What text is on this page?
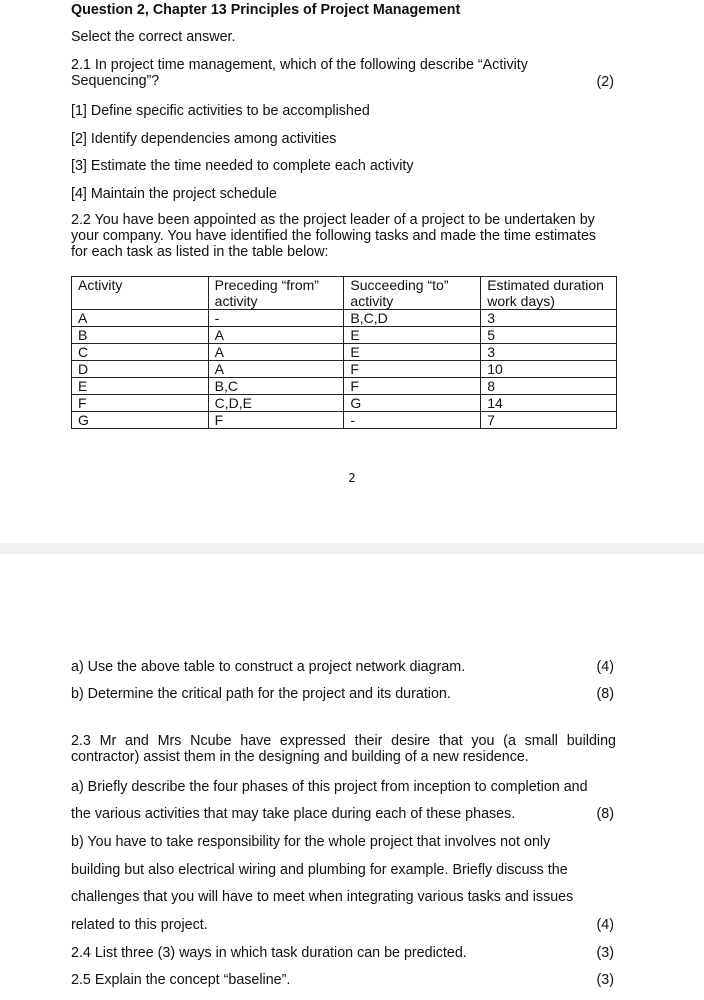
Question 2, Chapter 13 Principles of Project Management
Select the correct answer.
2.1 In project time management, which of the following describe “Activity Sequencing”?	(2)
[1] Define specific activities to be accomplished
[2] Identify dependencies among activities
[3] Estimate the time needed to complete each activity
[4] Maintain the project schedule
2.2 You have been appointed as the project leader of a project to be undertaken by your company. You have identified the following tasks and made the time estimates for each task as listed in the table below:
Activity	Preceding “from” activity	Succeeding “to” activity	Estimated duration work days)
A	-	B,C,D	3
B	A	E	5
C	A	E	3
D	A	F	10
E	B,C	F	8
F	C,D,E	G	14
G	F	-	7
2
a) Use the above table to construct a project network diagram.	(4)
b) Determine the critical path for the project and its duration.	(8)
2.3 Mr and Mrs Ncube have expressed their desire that you (a small building contractor) assist them in the designing and building of a new residence.
a) Briefly describe the four phases of this project from inception to completion and
the various activities that may take place during each of these phases.	(8)
b) You have to take responsibility for the whole project that involves not only
building but also electrical wiring and plumbing for example. Briefly discuss the
challenges that you will have to meet when integrating various tasks and issues
related to this project.	(4)
2.4 List three (3) ways in which task duration can be predicted.	(3)
2.5 Explain the concept “baseline”.	(3)
